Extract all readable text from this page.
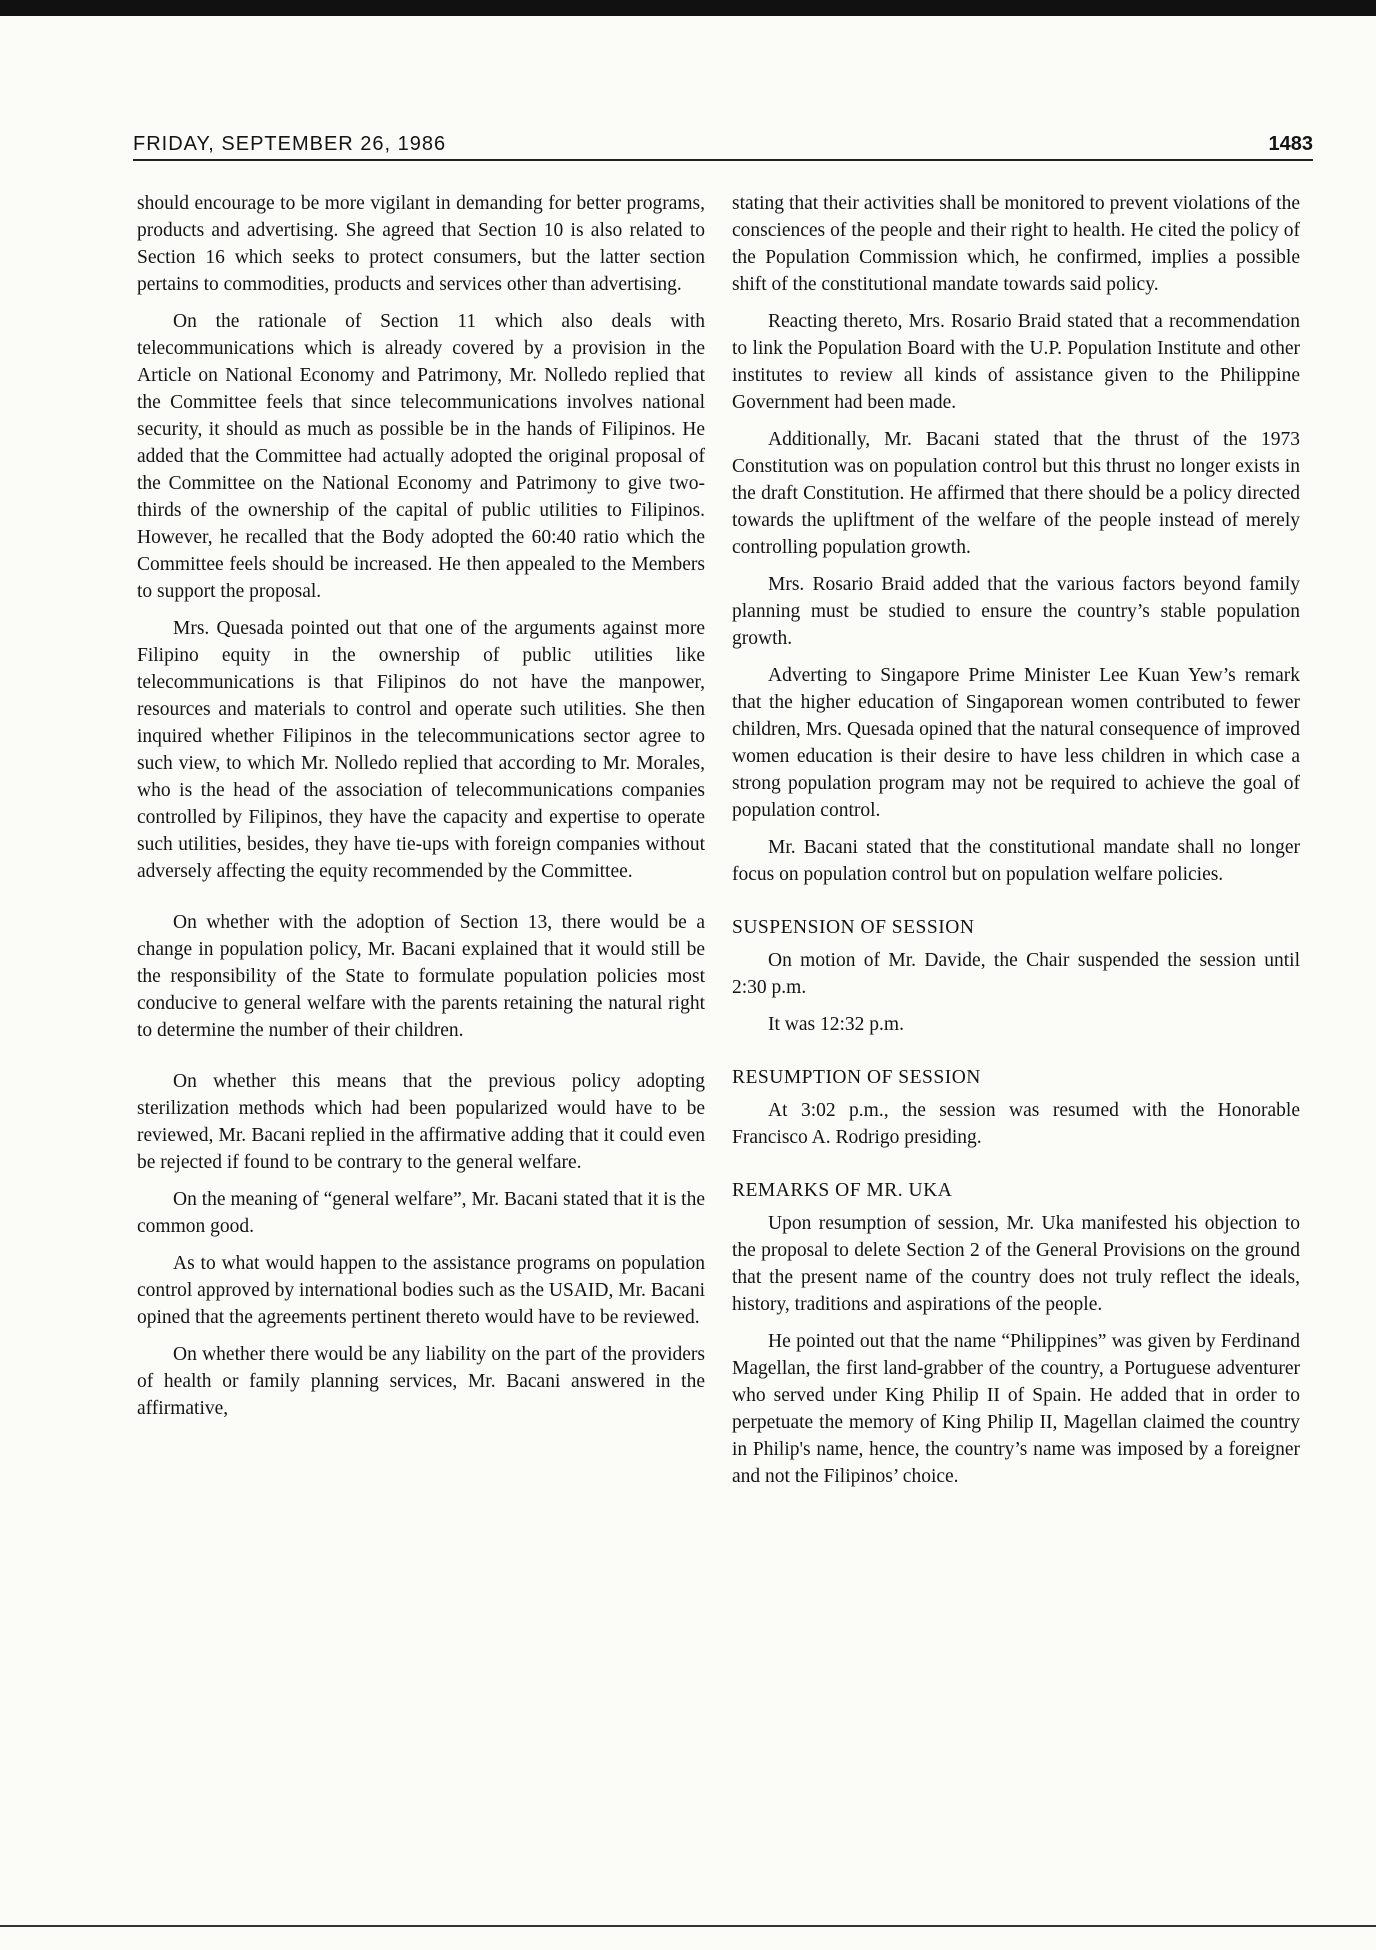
FRIDAY, SEPTEMBER 26, 1986	1483

should encourage to be more vigilant in demanding for better programs, products and advertising. She agreed that Section 10 is also related to Section 16 which seeks to protect consumers, but the latter section pertains to commodities, products and services other than advertising.

On the rationale of Section 11 which also deals with telecommunications which is already covered by a provision in the Article on National Economy and Patrimony, Mr. Nolledo replied that the Committee feels that since telecommunications involves national security, it should as much as possible be in the hands of Filipinos. He added that the Committee had actually adopted the original proposal of the Committee on the National Economy and Patrimony to give two-thirds of the ownership of the capital of public utilities to Filipinos. However, he recalled that the Body adopted the 60:40 ratio which the Committee feels should be increased. He then appealed to the Members to support the proposal.

Mrs. Quesada pointed out that one of the arguments against more Filipino equity in the ownership of public utilities like telecommunications is that Filipinos do not have the manpower, resources and materials to control and operate such utilities. She then inquired whether Filipinos in the telecommunications sector agree to such view, to which Mr. Nolledo replied that according to Mr. Morales, who is the head of the association of telecommunications companies controlled by Filipinos, they have the capacity and expertise to operate such utilities, besides, they have tie-ups with foreign companies without adversely affecting the equity recommended by the Committee.

On whether with the adoption of Section 13, there would be a change in population policy, Mr. Bacani explained that it would still be the responsibility of the State to formulate population policies most conducive to general welfare with the parents retaining the natural right to determine the number of their children.

On whether this means that the previous policy adopting sterilization methods which had been popularized would have to be reviewed, Mr. Bacani replied in the affirmative adding that it could even be rejected if found to be contrary to the general welfare.

On the meaning of “general welfare”, Mr. Bacani stated that it is the common good.

As to what would happen to the assistance programs on population control approved by international bodies such as the USAID, Mr. Bacani opined that the agreements pertinent thereto would have to be reviewed.

On whether there would be any liability on the part of the providers of health or family planning services, Mr. Bacani answered in the affirmative,

stating that their activities shall be monitored to prevent violations of the consciences of the people and their right to health. He cited the policy of the Population Commission which, he confirmed, implies a possible shift of the constitutional mandate towards said policy.

Reacting thereto, Mrs. Rosario Braid stated that a recommendation to link the Population Board with the U.P. Population Institute and other institutes to review all kinds of assistance given to the Philippine Government had been made.

Additionally, Mr. Bacani stated that the thrust of the 1973 Constitution was on population control but this thrust no longer exists in the draft Constitution. He affirmed that there should be a policy directed towards the upliftment of the welfare of the people instead of merely controlling population growth.

Mrs. Rosario Braid added that the various factors beyond family planning must be studied to ensure the country’s stable population growth.

Adverting to Singapore Prime Minister Lee Kuan Yew’s remark that the higher education of Singaporean women contributed to fewer children, Mrs. Quesada opined that the natural consequence of improved women education is their desire to have less children in which case a strong population program may not be required to achieve the goal of population control.

Mr. Bacani stated that the constitutional mandate shall no longer focus on population control but on population welfare policies.

SUSPENSION OF SESSION

On motion of Mr. Davide, the Chair suspended the session until 2:30 p.m.

It was 12:32 p.m.

RESUMPTION OF SESSION

At 3:02 p.m., the session was resumed with the Honorable Francisco A. Rodrigo presiding.

REMARKS OF MR. UKA

Upon resumption of session, Mr. Uka manifested his objection to the proposal to delete Section 2 of the General Provisions on the ground that the present name of the country does not truly reflect the ideals, history, traditions and aspirations of the people.

He pointed out that the name “Philippines” was given by Ferdinand Magellan, the first land-grabber of the country, a Portuguese adventurer who served under King Philip II of Spain. He added that in order to perpetuate the memory of King Philip II, Magellan claimed the country in Philip's name, hence, the country’s name was imposed by a foreigner and not the Filipinos’ choice.
